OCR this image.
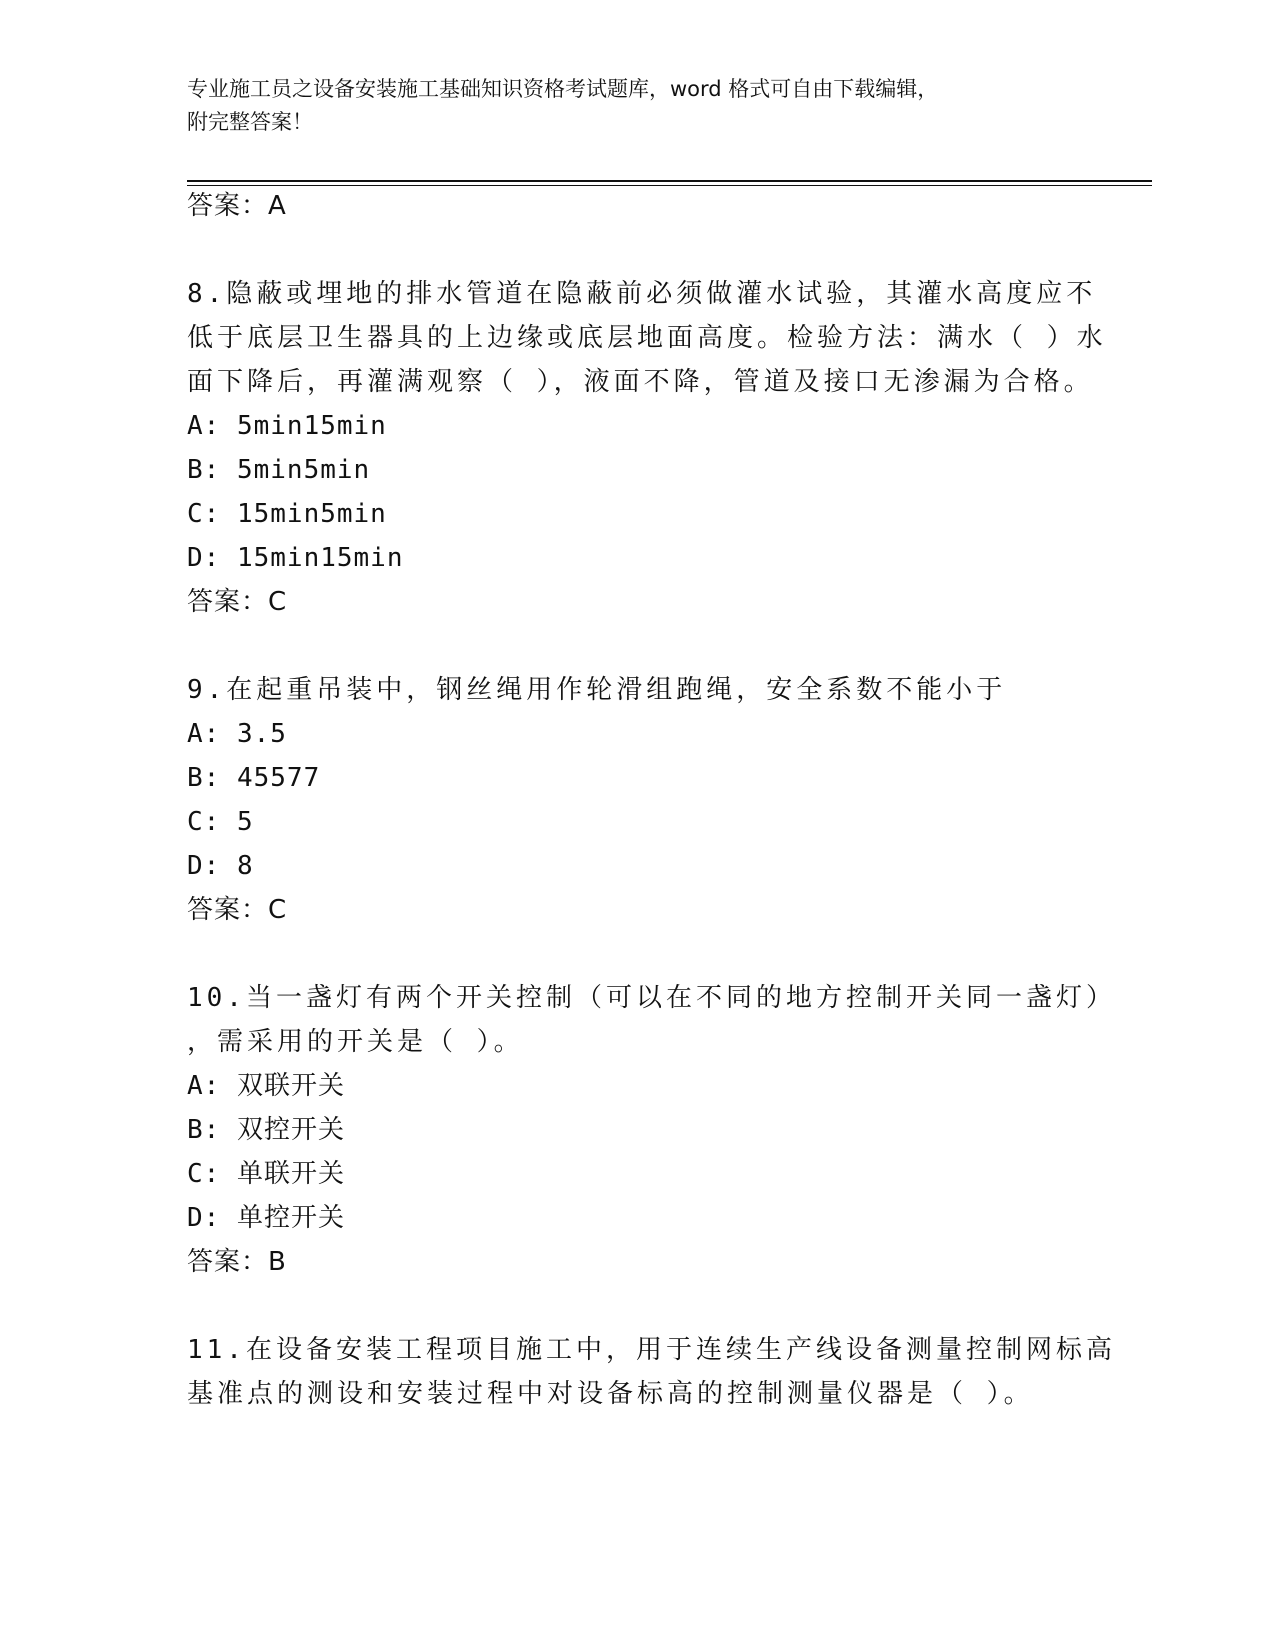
专业施工员之设备安装施工基础知识资格考试题库，word 格式可自由下载编辑，
附完整答案！
答案：A
8.隐蔽或埋地的排水管道在隐蔽前必须做灌水试验，其灌水高度应不
低于底层卫生器具的上边缘或底层地面高度。检验方法：满水（ ）水
面下降后，再灌满观察（ ），液面不降，管道及接口无渗漏为合格。
A: 5min15min
B: 5min5min
C: 15min5min
D: 15min15min
答案：C
9.在起重吊装中，钢丝绳用作轮滑组跑绳，安全系数不能小于
A: 3.5
B: 45577
C: 5
D: 8
答案：C
10.当一盏灯有两个开关控制（可以在不同的地方控制开关同一盏灯）
，需采用的开关是（ ）。
A: 双联开关
B: 双控开关
C: 单联开关
D: 单控开关
答案：B
11.在设备安装工程项目施工中，用于连续生产线设备测量控制网标高
基准点的测设和安装过程中对设备标高的控制测量仪器是（ ）。
